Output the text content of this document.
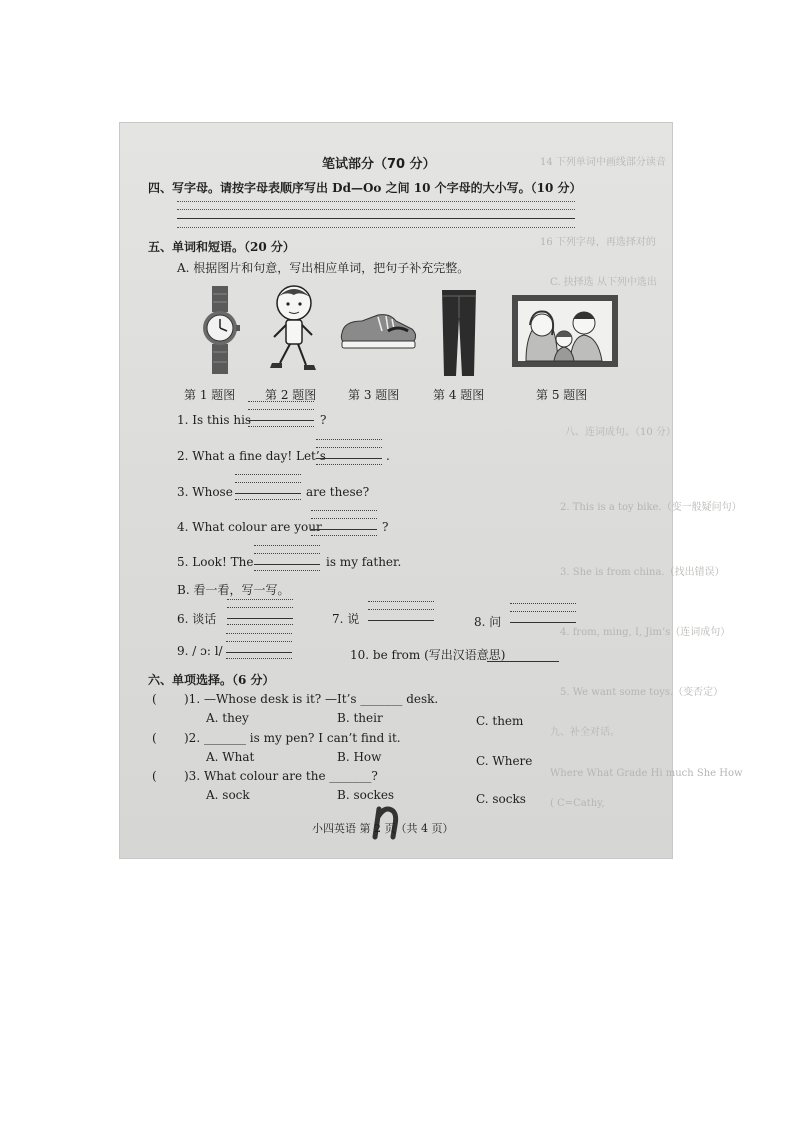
14 下列单词中画线部分读音
16 下列字母，再选择对的
C. 抉择选 从下列中选出
八、连词成句。（10 分）
2. This is a toy bike.（变一般疑问句）
3. She is from china.（找出错误）
4. from, ming, I, Jim’s（连词成句）
5. We want some toys.（变否定）
九、补全对话。
Where What Grade Hi much She How
( C=Cathy,
笔试部分（70 分）
四、写字母。请按字母表顺序写出 Dd—Oo 之间 10 个字母的大小写。（10 分）
五、单词和短语。（20 分）
A. 根据图片和句意，写出相应单词，把句子补充完整。
第 1 题图 第 2 题图	第 3 题图	第 4 题图	第 5 题图
1. Is this his	?
2. What a fine day! Let’s	.
3. Whose	are these?
4. What colour are your	?
5. Look! The	is my father.
B. 看一看，写一写。
6. 谈话	7. 说	8. 问
9. / ɔ: l/	10. be from (写出汉语意思)
六、单项选择。（6 分）
( )1. —Whose desk is it? —It’s _______ desk.
A. they	B. their	C. them
( )2. _______ is my pen? I can’t find it.
A. What	B. How	C. Where
( )3. What colour are the _______?
A. sock	B. sockes	C. socks
小四英语 第 2 页（共 4 页）
